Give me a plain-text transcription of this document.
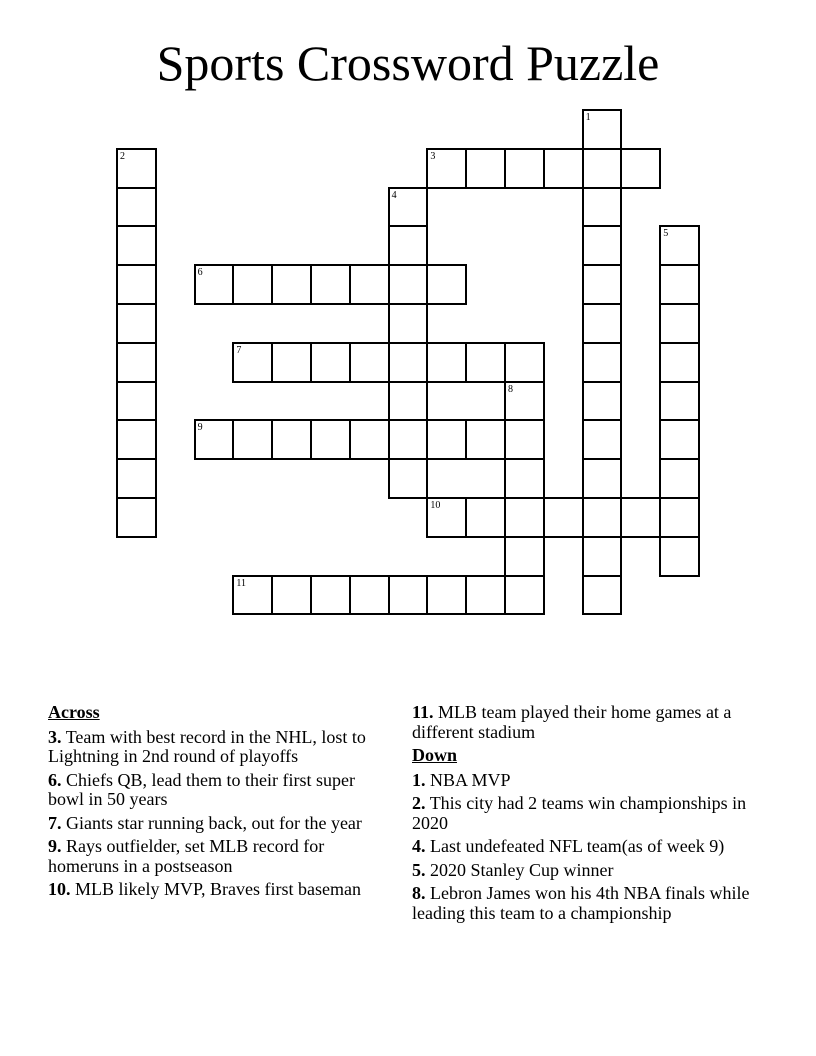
Sports Crossword Puzzle
1
2	3
4
5
6
7
8
9
10
11
Across
3. Team with best record in the NHL, lost to Lightning in 2nd round of playoffs
6. Chiefs QB, lead them to their first super bowl in 50 years
7. Giants star running back, out for the year
9. Rays outfielder, set MLB record for homeruns in a postseason
10. MLB likely MVP, Braves first baseman
11. MLB team played their home games at a different stadium
Down
1. NBA MVP
2. This city had 2 teams win championships in 2020
4. Last undefeated NFL team(as of week 9)
5. 2020 Stanley Cup winner
8. Lebron James won his 4th NBA finals while leading this team to a championship
